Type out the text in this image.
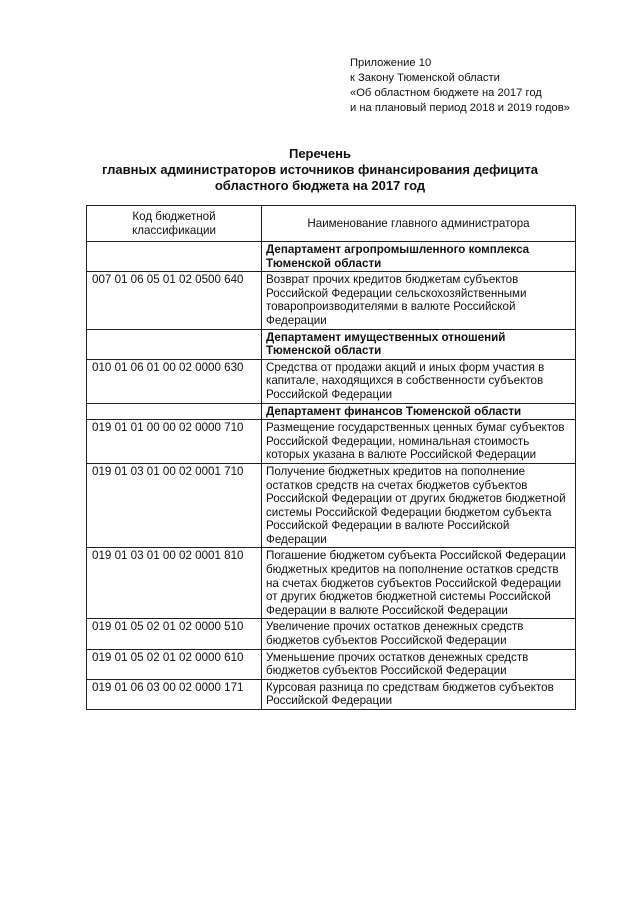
Приложение 10
к Закону Тюменской области
«Об областном бюджете на 2017 год
и на плановый период 2018 и 2019 годов»
Перечень
главных администраторов источников финансирования дефицита
областного бюджета на 2017 год
Код бюджетной классификации	Наименование главного администратора
	Департамент агропромышленного комплекса Тюменской области
007 01 06 05 01 02 0500 640	Возврат прочих кредитов бюджетам субъектов Российской Федерации сельскохозяйственными товаропроизводителями в валюте Российской Федерации
	Департамент имущественных отношений Тюменской области
010 01 06 01 00 02 0000 630	Средства от продажи акций и иных форм участия в капитале, находящихся в собственности субъектов Российской Федерации
	Департамент финансов Тюменской области
019 01 01 00 00 02 0000 710	Размещение государственных ценных бумаг субъектов Российской Федерации, номинальная стоимость которых указана в валюте Российской Федерации
019 01 03 01 00 02 0001 710	Получение бюджетных кредитов на пополнение остатков средств на счетах бюджетов субъектов Российской Федерации от других бюджетов бюджетной системы Российской Федерации бюджетом субъекта Российской Федерации в валюте Российской Федерации
019 01 03 01 00 02 0001 810	Погашение бюджетом субъекта Российской Федерации бюджетных кредитов на пополнение остатков средств на счетах бюджетов субъектов Российской Федерации от других бюджетов бюджетной системы Российской Федерации в валюте Российской Федерации
019 01 05 02 01 02 0000 510	Увеличение прочих остатков денежных средств бюджетов субъектов Российской Федерации
019 01 05 02 01 02 0000 610	Уменьшение прочих остатков денежных средств бюджетов субъектов Российской Федерации
019 01 06 03 00 02 0000 171	Курсовая разница по средствам бюджетов субъектов Российской Федерации
